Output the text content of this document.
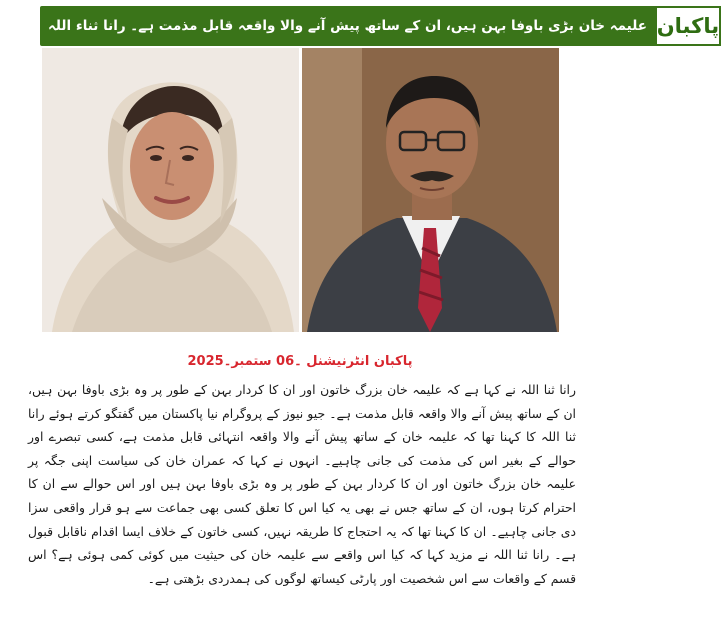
علیمہ خان بڑی باوفا بہن ہیں، ان کے ساتھ پیش آنے والا واقعہ قابل مذمت ہے۔ رانا ثناء اللہ پاکبان
پاکبان انٹرنیشنل ۔06 ستمبر۔2025

رانا ثنا اللہ نے کہا ہے کہ علیمہ خان بزرگ خاتون اور ان کا کردار بہن کے طور پر وہ بڑی باوفا بہن ہیں، ان کے ساتھ پیش آنے والا واقعہ قابل مذمت ہے۔ جیو نیوز کے پروگرام نیا پاکستان میں گفتگو کرتے ہوئے رانا ثنا اللہ کا کہنا تھا کہ علیمہ خان کے ساتھ پیش آنے والا واقعہ انتہائی قابل مذمت ہے، کسی تبصرے اور حوالے کے بغیر اس کی مذمت کی جانی چاہیے۔ انہوں نے کہا کہ عمران خان کی سیاست اپنی جگہ پر علیمہ خان بزرگ خاتون اور ان کا کردار بہن کے طور پر وہ بڑی باوفا بہن ہیں اور اس حوالے سے ان کا احترام کرتا ہوں، ان کے ساتھ جس نے بھی یہ کیا اس کا تعلق کسی بھی جماعت سے ہو قرار واقعی سزا دی جانی چاہیے۔ ان کا کہنا تھا کہ یہ احتجاج کا طریقہ نہیں، کسی خاتون کے خلاف ایسا اقدام ناقابل قبول ہے۔ رانا ثنا اللہ نے مزید کہا کہ کیا اس واقعے سے علیمہ خان کی حیثیت میں کوئی کمی ہوئی ہے؟ اس قسم کے واقعات سے اس شخصیت اور پارٹی کیساتھ لوگوں کی ہمدردی بڑھتی ہے۔
